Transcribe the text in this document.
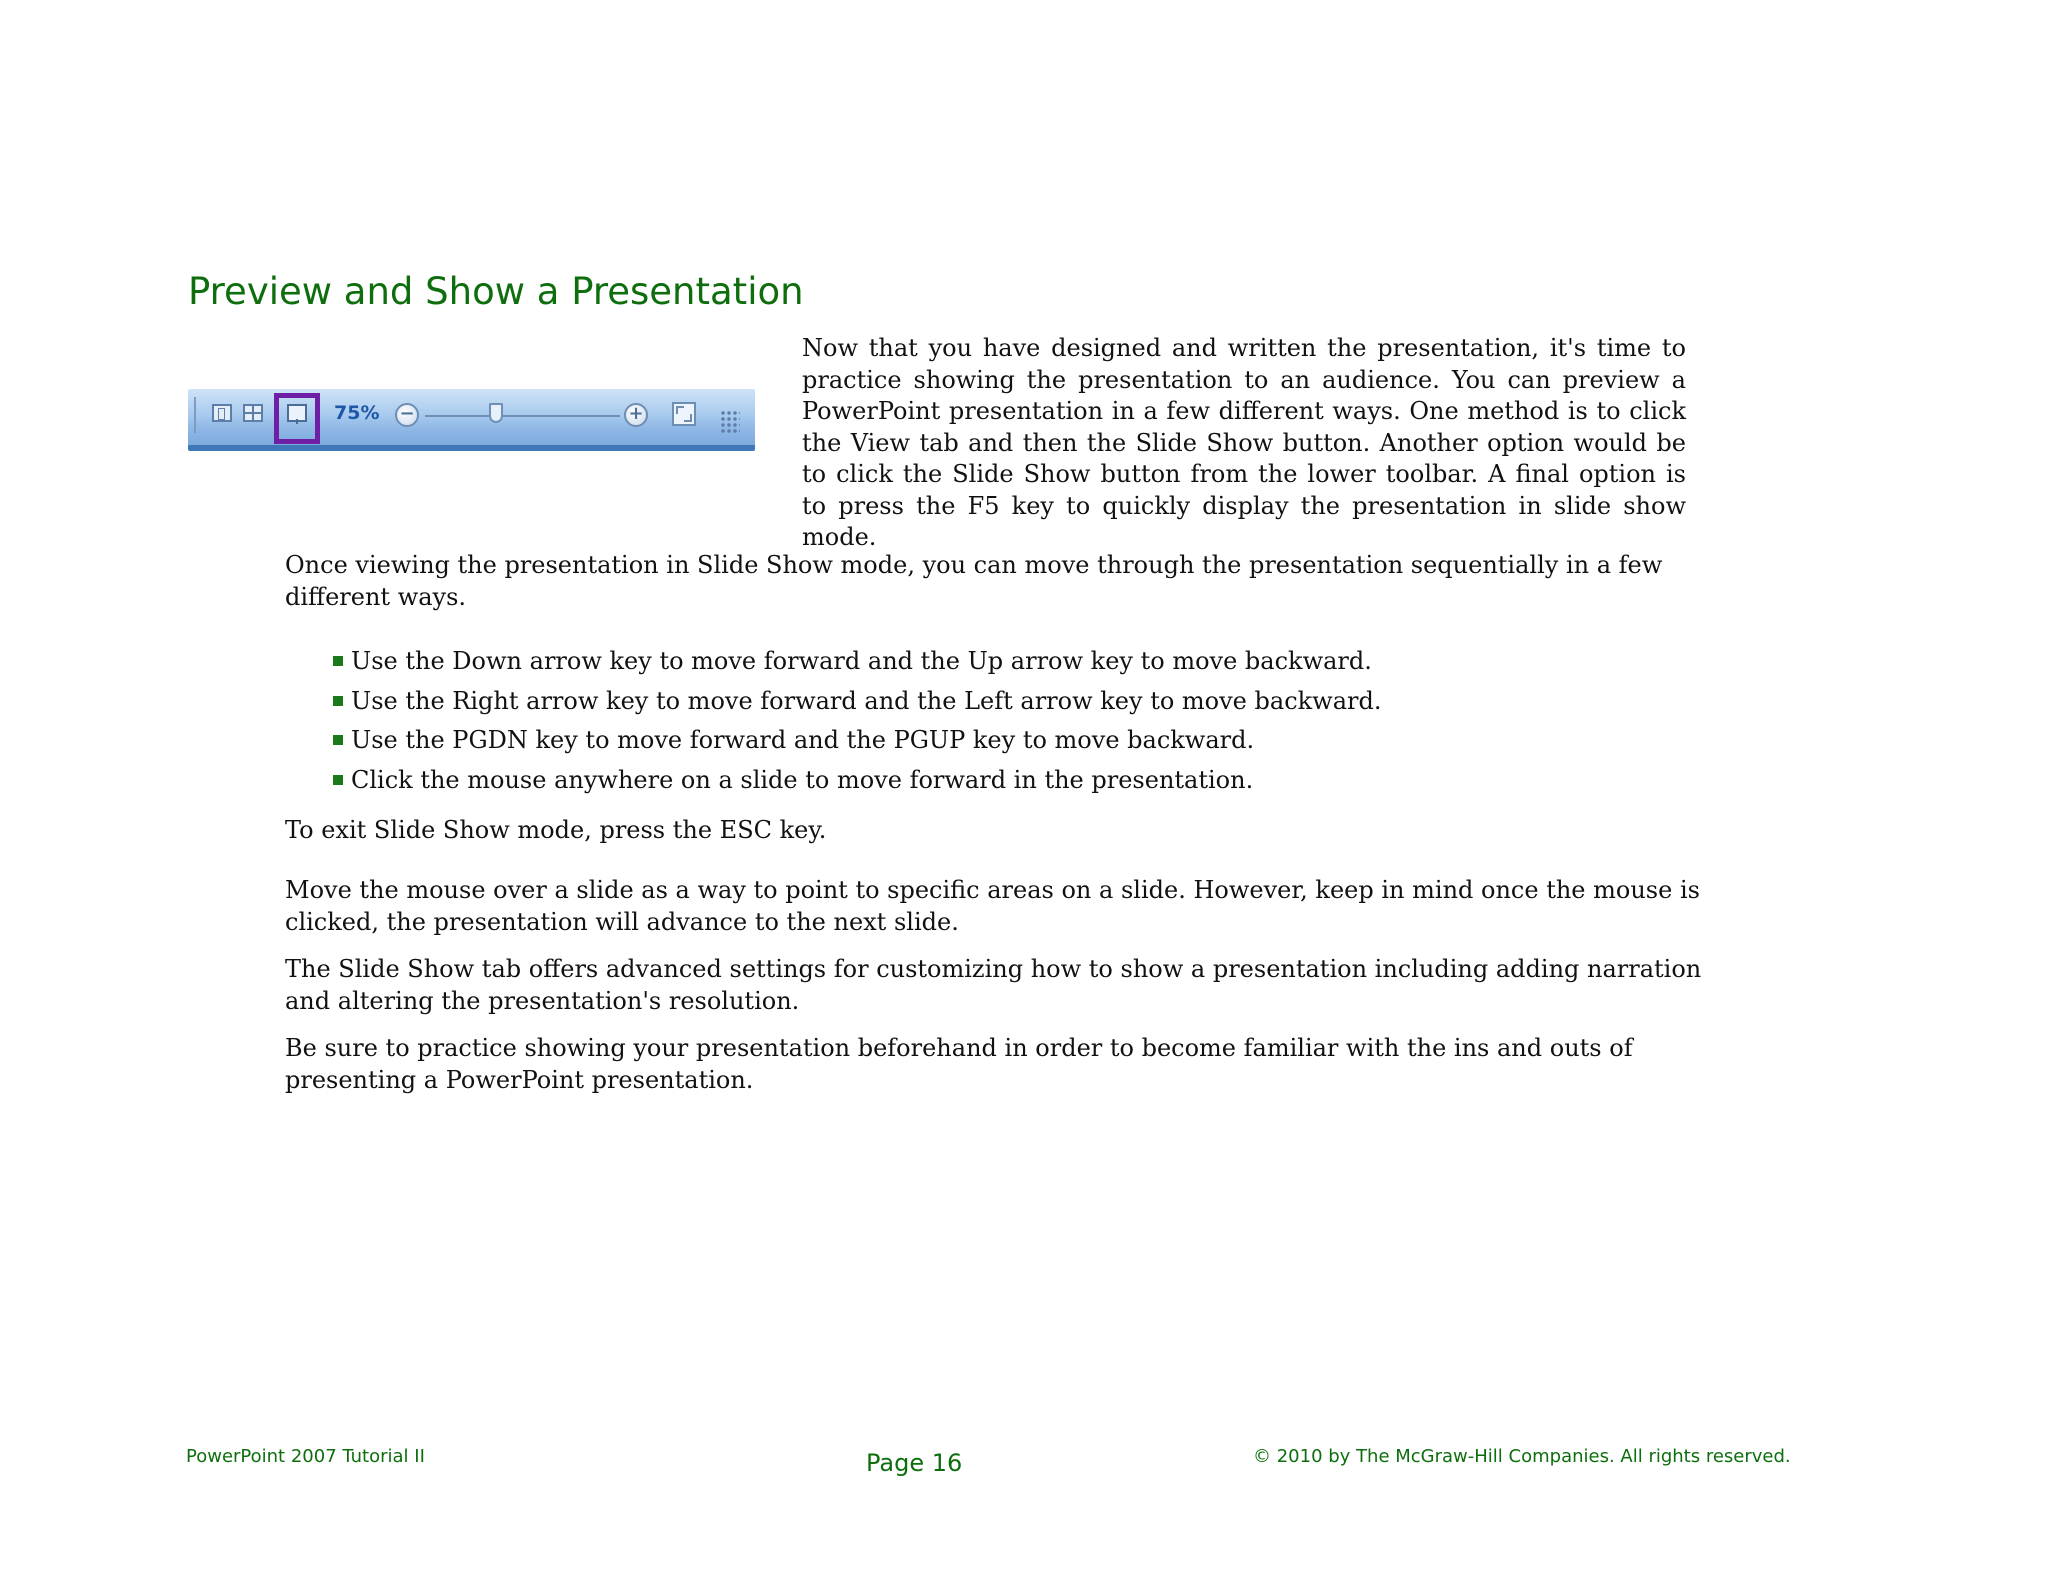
Preview and Show a Presentation
75% −	+

Now that you have designed and written the presentation, it's time to practice showing the presentation to an audience. You can preview a PowerPoint presentation in a few different ways. One method is to click the View tab and then the Slide Show button. Another option would be to click the Slide Show button from the lower toolbar. A final option is to press the F5 key to quickly display the presentation in slide show mode.

Once viewing the presentation in Slide Show mode, you can move through the presentation sequentially in a few different ways.

Use the Down arrow key to move forward and the Up arrow key to move backward.
Use the Right arrow key to move forward and the Left arrow key to move backward.
Use the PGDN key to move forward and the PGUP key to move backward.
Click the mouse anywhere on a slide to move forward in the presentation.

To exit Slide Show mode, press the ESC key.

Move the mouse over a slide as a way to point to specific areas on a slide. However, keep in mind once the mouse is clicked, the presentation will advance to the next slide.

The Slide Show tab offers advanced settings for customizing how to show a presentation including adding narration and altering the presentation's resolution.

Be sure to practice showing your presentation beforehand in order to become familiar with the ins and outs of presenting a PowerPoint presentation.

PowerPoint 2007 Tutorial II	Page 16	© 2010 by The McGraw-Hill Companies. All rights reserved.
